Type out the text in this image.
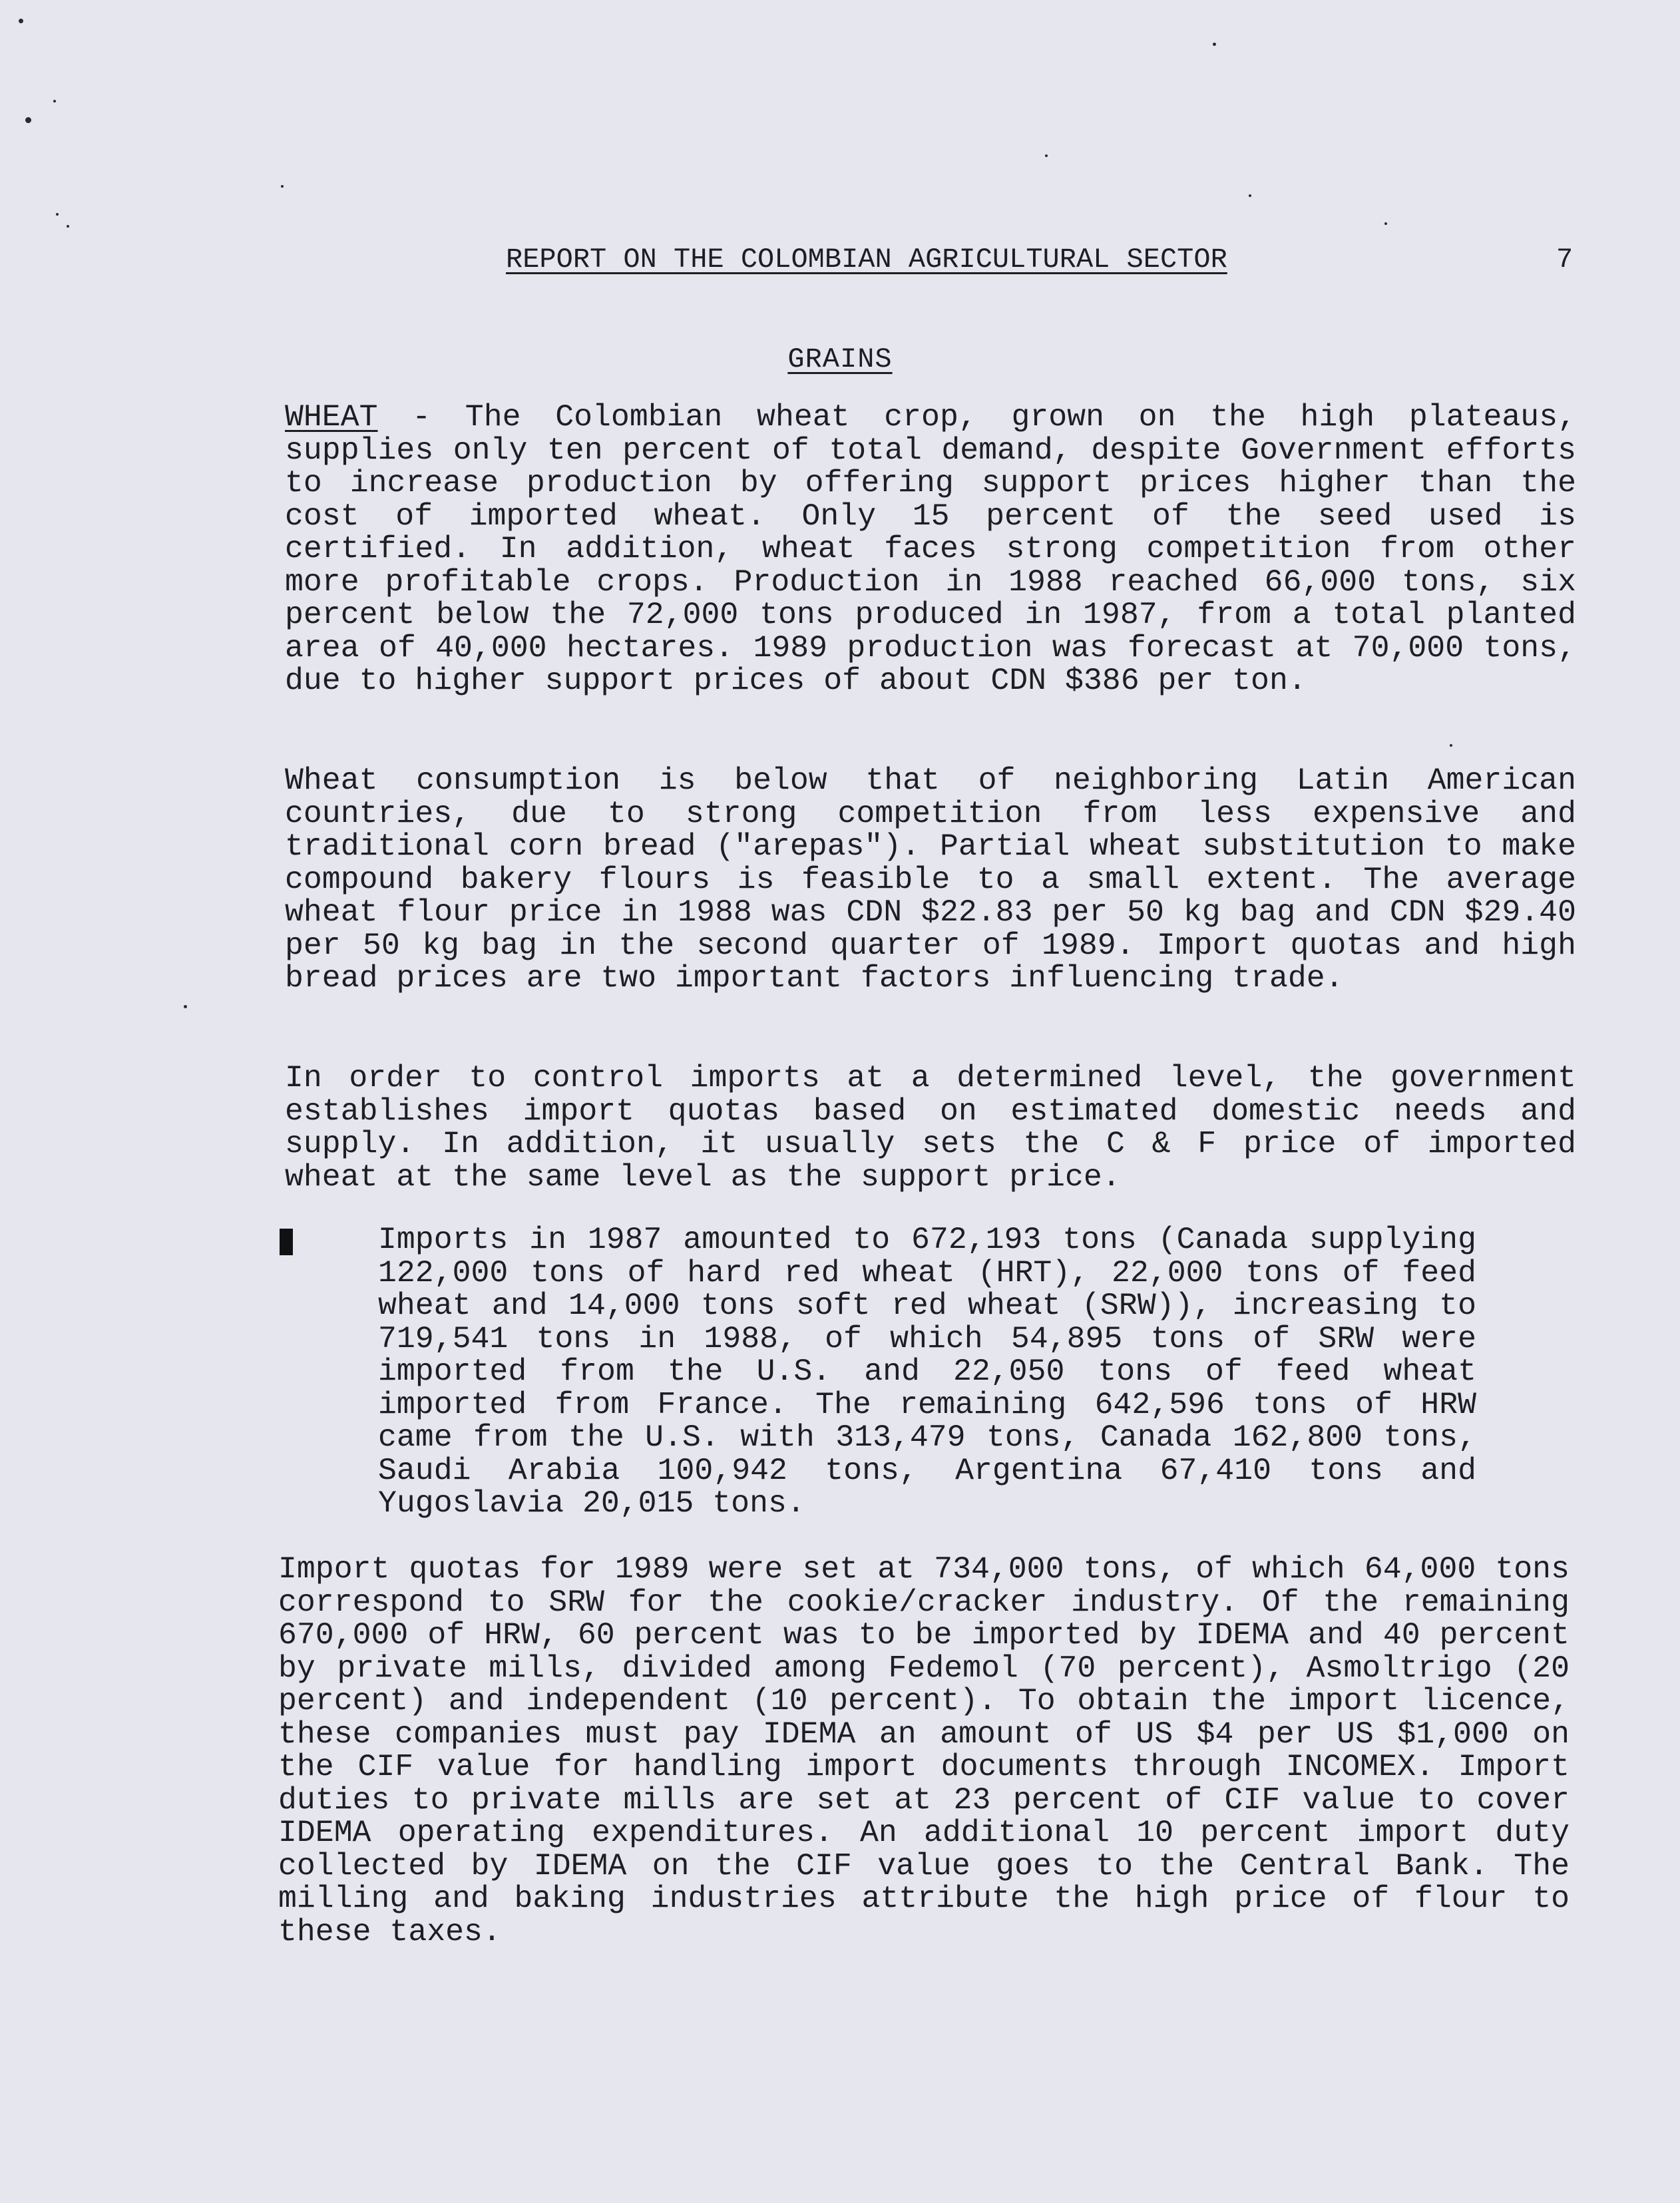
REPORT ON THE COLOMBIAN AGRICULTURAL SECTOR	7
GRAINS

WHEAT - The Colombian wheat crop, grown on the high plateaus, supplies only ten percent of total demand, despite Government efforts to increase production by offering support prices higher than the cost of imported wheat. Only 15 percent of the seed used is certified. In addition, wheat faces strong competition from other more profitable crops. Production in 1988 reached 66,000 tons, six percent below the 72,000 tons produced in 1987, from a total planted area of 40,000 hectares. 1989 production was forecast at 70,000 tons, due to higher support prices of about CDN $386 per ton.

Wheat consumption is below that of neighboring Latin American countries, due to strong competition from less expensive and traditional corn bread ("arepas"). Partial wheat substitution to make compound bakery flours is feasible to a small extent. The average wheat flour price in 1988 was CDN $22.83 per 50 kg bag and CDN $29.40 per 50 kg bag in the second quarter of 1989. Import quotas and high bread prices are two important factors influencing trade.

In order to control imports at a determined level, the government establishes import quotas based on estimated domestic needs and supply. In addition, it usually sets the C & F price of imported wheat at the same level as the support price.

Imports in 1987 amounted to 672,193 tons (Canada supplying 122,000 tons of hard red wheat (HRT), 22,000 tons of feed wheat and 14,000 tons soft red wheat (SRW)), increasing to 719,541 tons in 1988, of which 54,895 tons of SRW were imported from the U.S. and 22,050 tons of feed wheat imported from France. The remaining 642,596 tons of HRW came from the U.S. with 313,479 tons, Canada 162,800 tons, Saudi Arabia 100,942 tons, Argentina 67,410 tons and Yugoslavia 20,015 tons.

Import quotas for 1989 were set at 734,000 tons, of which 64,000 tons correspond to SRW for the cookie/cracker industry. Of the remaining 670,000 of HRW, 60 percent was to be imported by IDEMA and 40 percent by private mills, divided among Fedemol (70 percent), Asmoltrigo (20 percent) and independent (10 percent). To obtain the import licence, these companies must pay IDEMA an amount of US $4 per US $1,000 on the CIF value for handling import documents through INCOMEX. Import duties to private mills are set at 23 percent of CIF value to cover IDEMA operating expenditures. An additional 10 percent import duty collected by IDEMA on the CIF value goes to the Central Bank. The milling and baking industries attribute the high price of flour to these taxes.
